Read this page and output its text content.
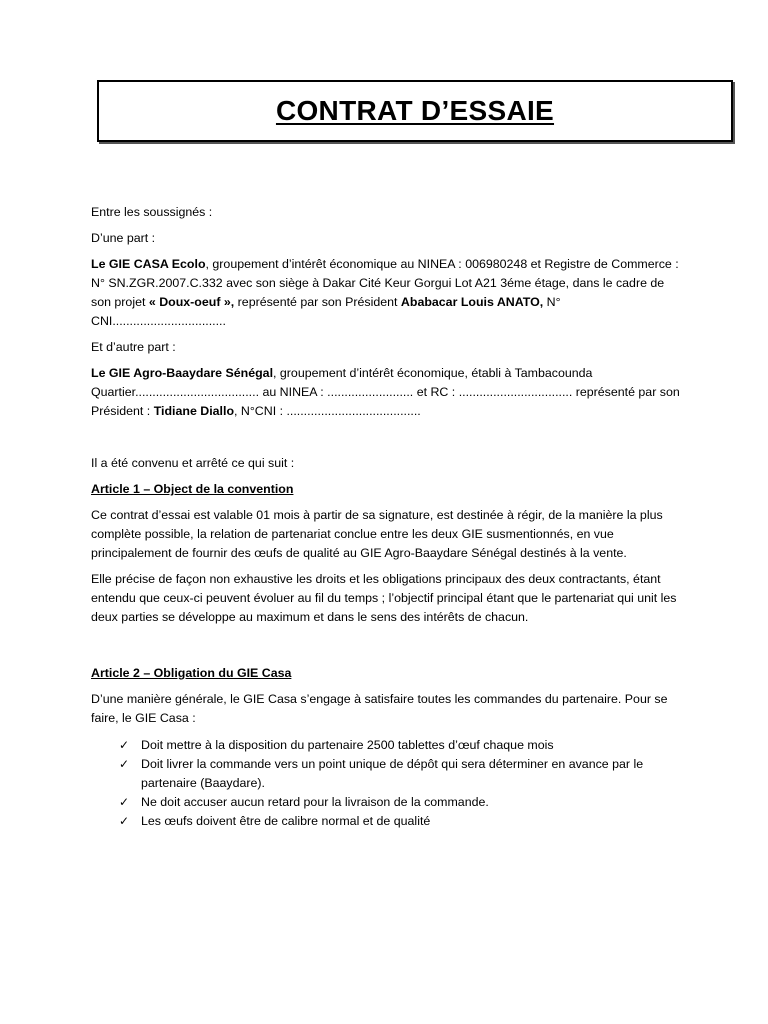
CONTRAT D’ESSAIE

Entre les soussignés :

D’une part :

Le GIE CASA Ecolo, groupement d’intérêt économique au NINEA : 006980248 et Registre de Commerce : N° SN.ZGR.2007.C.332 avec son siège à Dakar Cité Keur Gorgui Lot A21 3éme étage, dans le cadre de son projet « Doux-oeuf », représenté par son Président Ababacar Louis ANATO, N° CNI.................................

Et d’autre part :

Le GIE Agro-Baaydare Sénégal, groupement d’intérêt économique, établi à Tambacounda Quartier.................................... au NINEA : ......................... et RC : ................................. représenté par son Président : Tidiane Diallo, N°CNI : .......................................

Il a été convenu et arrêté ce qui suit :

Article 1 – Object de la convention

Ce contrat d’essai est valable 01 mois à partir de sa signature, est destinée à régir, de la manière la plus complète possible, la relation de partenariat conclue entre les deux GIE susmentionnés, en vue principalement de fournir des œufs de qualité au GIE Agro-Baaydare Sénégal destinés à la vente.

Elle précise de façon non exhaustive les droits et les obligations principaux des deux contractants, étant entendu que ceux-ci peuvent évoluer au fil du temps ; l’objectif principal étant que le partenariat qui unit les deux parties se développe au maximum et dans le sens des intérêts de chacun.

Article 2 – Obligation du GIE Casa

D’une manière générale, le GIE Casa s’engage à satisfaire toutes les commandes du partenaire. Pour se faire, le GIE Casa :

✓ Doit mettre à la disposition du partenaire 2500 tablettes d’œuf chaque mois
✓ Doit livrer la commande vers un point unique de dépôt qui sera déterminer en avance par le partenaire (Baaydare).
✓ Ne doit accuser aucun retard pour la livraison de la commande.
✓ Les œufs doivent être de calibre normal et de qualité
